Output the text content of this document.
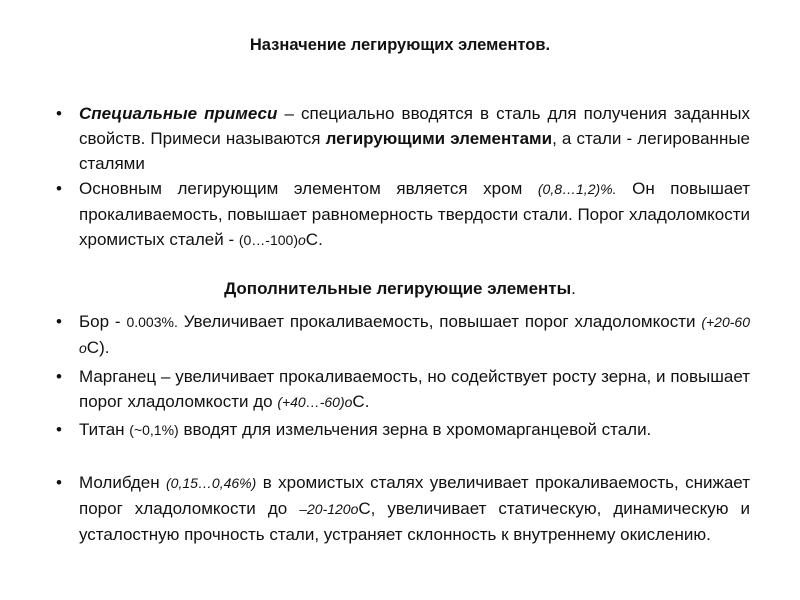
Назначение легирующих элементов.
• Специальные примеси – специально вводятся в сталь для получения заданных свойств. Примеси называются легирующими элементами, а стали - легированные сталями
• Основным легирующим элементом является хром (0,8…1,2)%. Он повышает прокаливаемость, повышает равномерность твердости стали. Порог хладоломкости хромистых сталей - (0…-100)oC.
Дополнительные легирующие элементы.
• Бор - 0.003%. Увеличивает прокаливаемость, повышает порог хладоломкости (+20-60 oС).
• Марганец – увеличивает прокаливаемость, но содействует росту зерна, и повышает порог хладоломкости до (+40…-60)oС.
• Титан (~0,1%) вводят для измельчения зерна в хромомарганцевой стали.
• Молибден (0,15…0,46%) в хромистых сталях увеличивает прокаливаемость, снижает порог хладоломкости до –20-120oС, увеличивает статическую, динамическую и усталостную прочность стали, устраняет склонность к внутреннему окислению.
